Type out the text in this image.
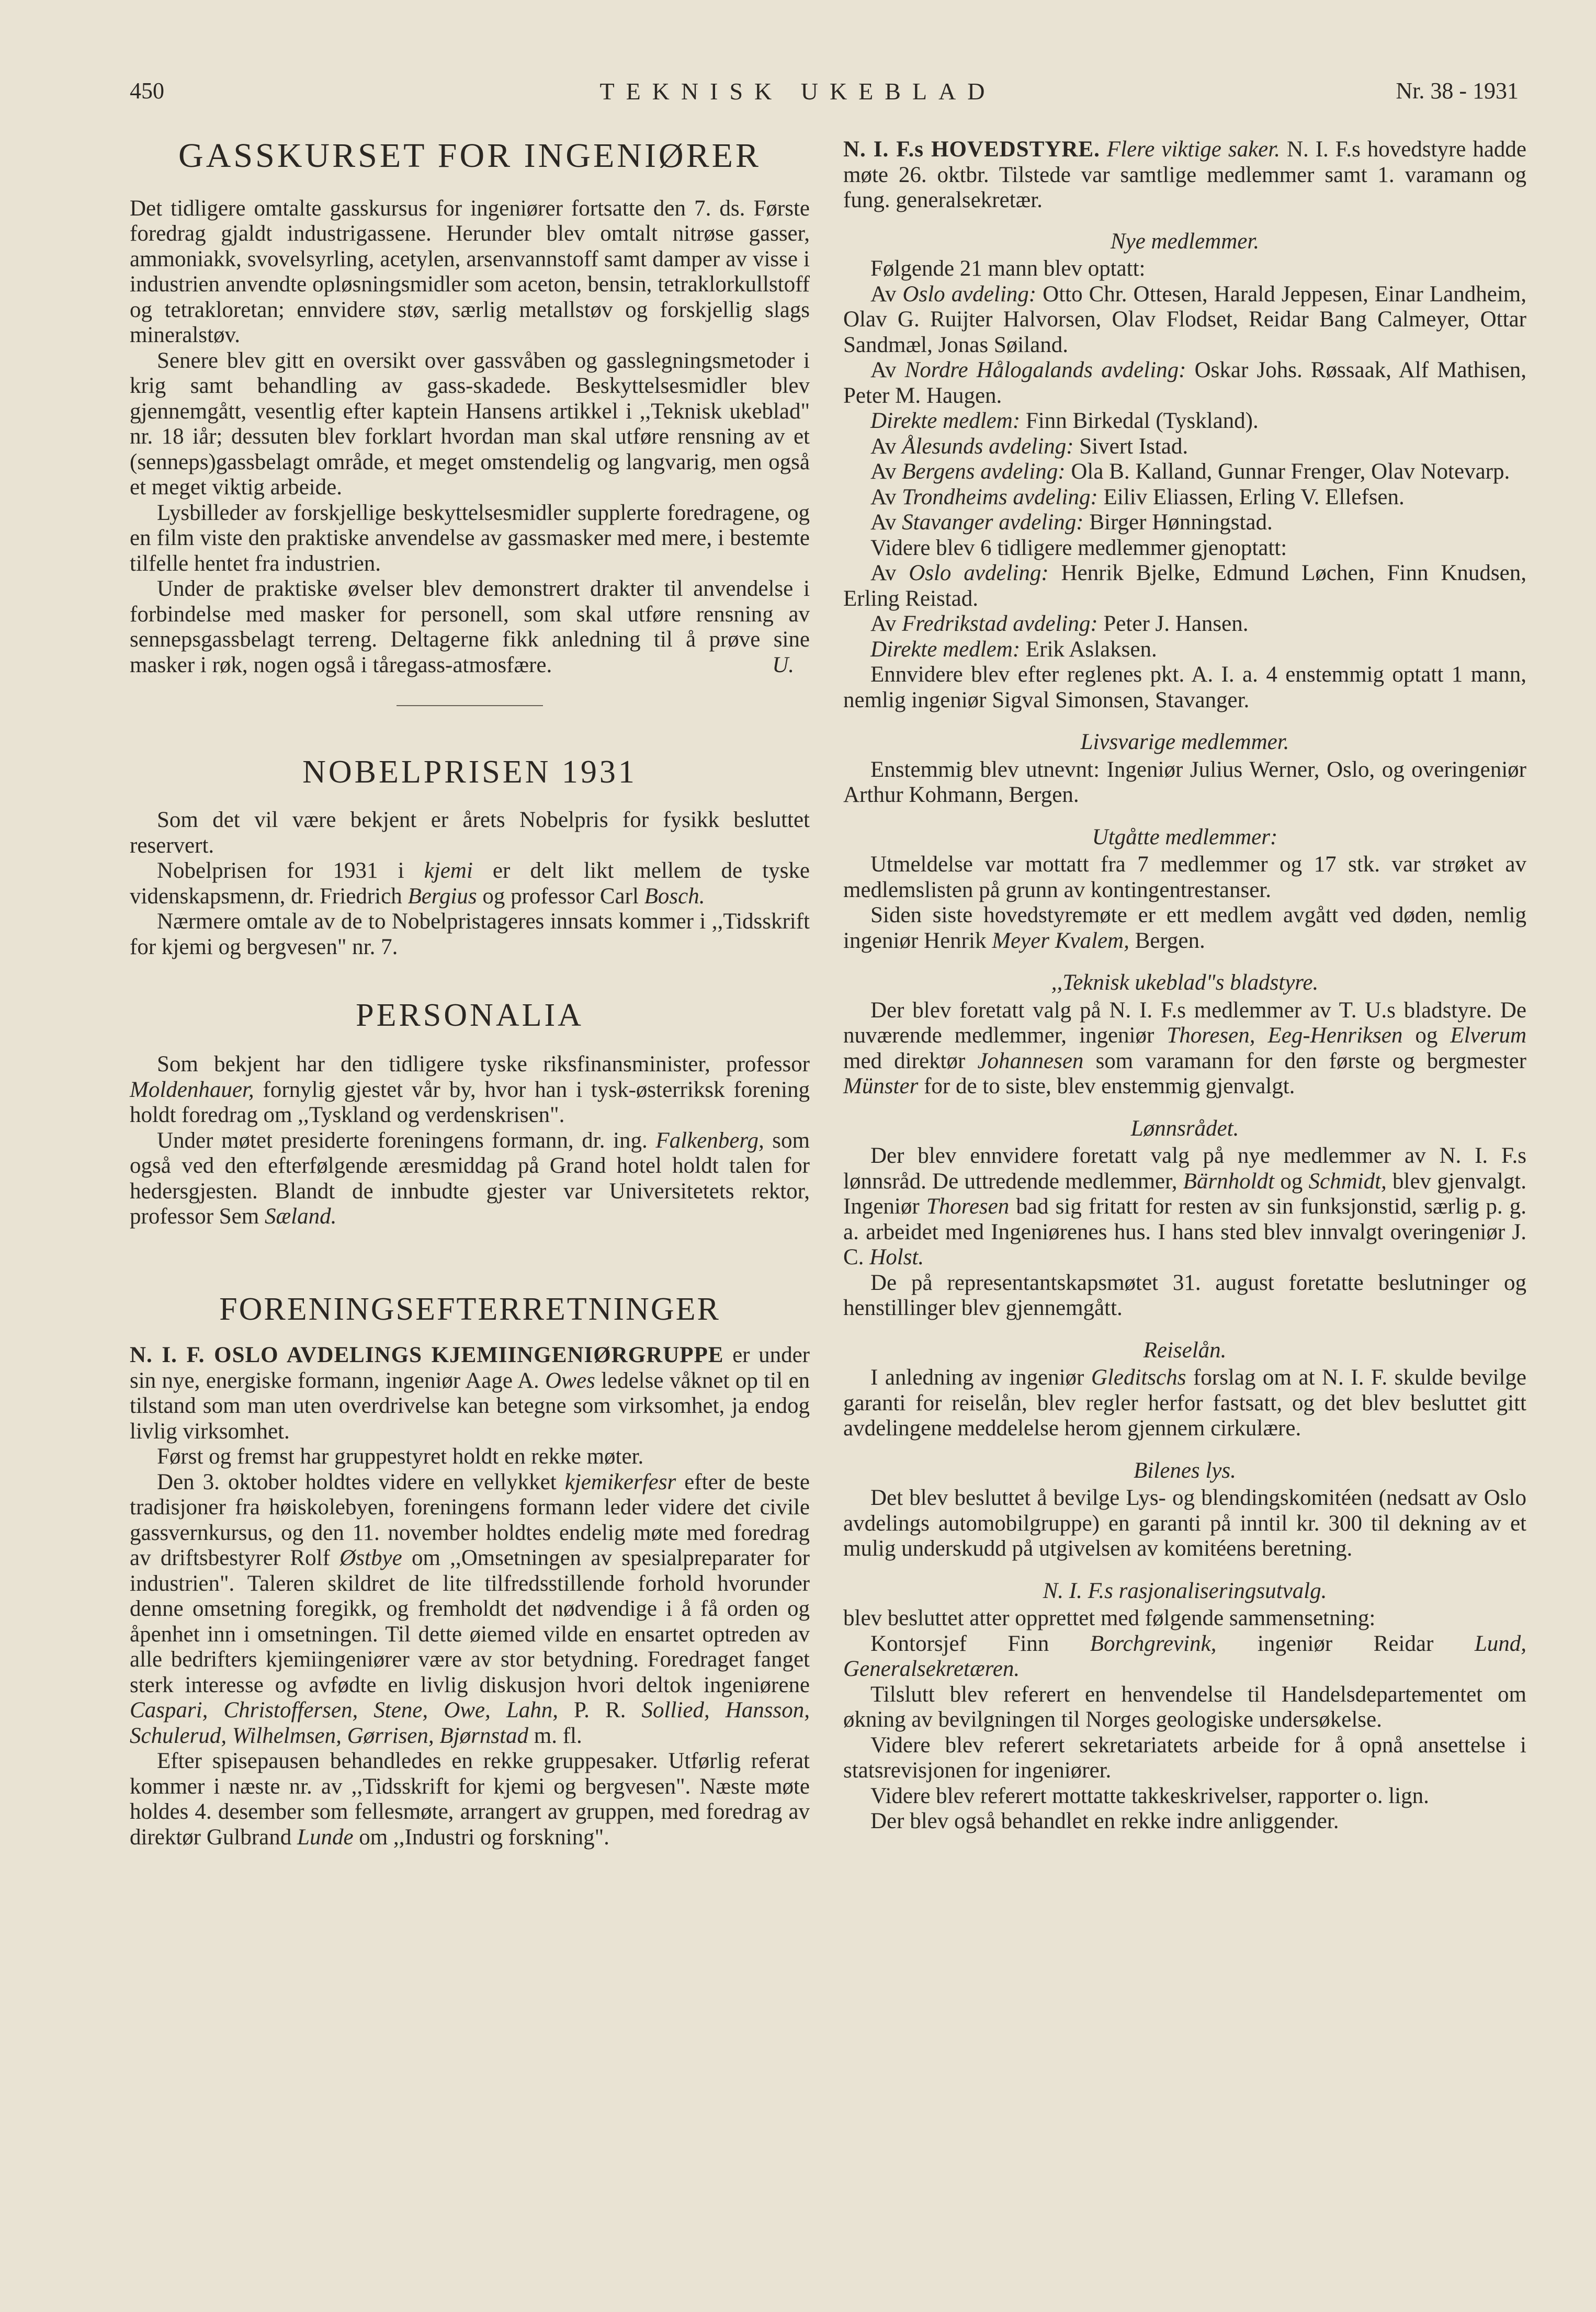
450	TEKNISK UKEBLAD	Nr. 38 - 1931
GASSKURSET FOR INGENIØRER

Det tidligere omtalte gasskursus for ingeniører fortsatte den 7. ds. Første foredrag gjaldt industrigassene. Herunder blev omtalt nitrøse gasser, ammoniakk, svovelsyrling, acetylen, arsenvannstoff samt damper av visse i industrien anvendte opløsningsmidler som aceton, bensin, tetraklorkullstoff og tetrakloretan; ennvidere støv, særlig metallstøv og forskjellig slags mineralstøv.

Senere blev gitt en oversikt over gassvåben og gasslegningsmetoder i krig samt behandling av gass-skadede. Beskyttelsesmidler blev gjennemgått, vesentlig efter kaptein Hansens artikkel i ,,Teknisk ukeblad" nr. 18 iår; dessuten blev forklart hvordan man skal utføre rensning av et (senneps)gassbelagt område, et meget omstendelig og langvarig, men også et meget viktig arbeide.

Lysbilleder av forskjellige beskyttelsesmidler supplerte foredragene, og en film viste den praktiske anvendelse av gassmasker med mere, i bestemte tilfelle hentet fra industrien.

Under de praktiske øvelser blev demonstrert drakter til anvendelse i forbindelse med masker for personell, som skal utføre rensning av sennepsgassbelagt terreng. Deltagerne fikk anledning til å prøve sine masker i røk, nogen også i tåregass-atmosfære.	U.

NOBELPRISEN 1931

Som det vil være bekjent er årets Nobelpris for fysikk besluttet reservert.

Nobelprisen for 1931 i kjemi er delt likt mellem de tyske videnskapsmenn, dr. Friedrich Bergius og professor Carl Bosch.

Nærmere omtale av de to Nobelpristageres innsats kommer i ,,Tidsskrift for kjemi og bergvesen" nr. 7.

PERSONALIA

Som bekjent har den tidligere tyske riksfinansminister, professor Moldenhauer, fornylig gjestet vår by, hvor han i tysk-østerriksk forening holdt foredrag om ,,Tyskland og verdenskrisen".

Under møtet presiderte foreningens formann, dr. ing. Falkenberg, som også ved den efterfølgende æresmiddag på Grand hotel holdt talen for hedersgjesten. Blandt de innbudte gjester var Universitetets rektor, professor Sem Sæland.

FORENINGSEFTERRETNINGER

N. I. F. OSLO AVDELINGS KJEMIINGENIØRGRUPPE er under sin nye, energiske formann, ingeniør Aage A. Owes ledelse våknet op til en tilstand som man uten overdrivelse kan betegne som virksomhet, ja endog livlig virksomhet.

Først og fremst har gruppestyret holdt en rekke møter.

Den 3. oktober holdtes videre en vellykket kjemikerfesr efter de beste tradisjoner fra høiskolebyen, foreningens formann leder videre det civile gassvernkursus, og den 11. november holdtes endelig møte med foredrag av driftsbestyrer Rolf Østbye om ,,Omsetningen av spesialpreparater for industrien". Taleren skildret de lite tilfredsstillende forhold hvorunder denne omsetning foregikk, og fremholdt det nødvendige i å få orden og åpenhet inn i omsetningen. Til dette øiemed vilde en ensartet optreden av alle bedrifters kjemiingeniører være av stor betydning. Foredraget fanget sterk interesse og avfødte en livlig diskusjon hvori deltok ingeniørene Caspari, Christoffersen, Stene, Owe, Lahn, P. R. Sollied, Hansson, Schulerud, Wilhelmsen, Gørrisen, Bjørnstad m. fl.

Efter spisepausen behandledes en rekke gruppesaker. Utførlig referat kommer i næste nr. av ,,Tidsskrift for kjemi og bergvesen". Næste møte holdes 4. desember som fellesmøte, arrangert av gruppen, med foredrag av direktør Gulbrand Lunde om ,,Industri og forskning".

N. I. F.s HOVEDSTYRE. Flere viktige saker. N. I. F.s hovedstyre hadde møte 26. oktbr. Tilstede var samtlige medlemmer samt 1. varamann og fung. generalsekretær.

Nye medlemmer.

Følgende 21 mann blev optatt:

Av Oslo avdeling: Otto Chr. Ottesen, Harald Jeppesen, Einar Landheim, Olav G. Ruijter Halvorsen, Olav Flodset, Reidar Bang Calmeyer, Ottar Sandmæl, Jonas Søiland.

Av Nordre Hålogalands avdeling: Oskar Johs. Røssaak, Alf Mathisen, Peter M. Haugen.

Direkte medlem: Finn Birkedal (Tyskland).

Av Ålesunds avdeling: Sivert Istad.

Av Bergens avdeling: Ola B. Kalland, Gunnar Frenger, Olav Notevarp.

Av Trondheims avdeling: Eiliv Eliassen, Erling V. Ellefsen.

Av Stavanger avdeling: Birger Hønningstad.

Videre blev 6 tidligere medlemmer gjenoptatt:

Av Oslo avdeling: Henrik Bjelke, Edmund Løchen, Finn Knudsen, Erling Reistad.

Av Fredrikstad avdeling: Peter J. Hansen.

Direkte medlem: Erik Aslaksen.

Ennvidere blev efter reglenes pkt. A. I. a. 4 enstemmig optatt 1 mann, nemlig ingeniør Sigval Simonsen, Stavanger.

Livsvarige medlemmer.

Enstemmig blev utnevnt: Ingeniør Julius Werner, Oslo, og overingeniør Arthur Kohmann, Bergen.

Utgåtte medlemmer:

Utmeldelse var mottatt fra 7 medlemmer og 17 stk. var strøket av medlemslisten på grunn av kontingentrestanser.

Siden siste hovedstyremøte er ett medlem avgått ved døden, nemlig ingeniør Henrik Meyer Kvalem, Bergen.

,,Teknisk ukeblad"s bladstyre.

Der blev foretatt valg på N. I. F.s medlemmer av T. U.s bladstyre. De nuværende medlemmer, ingeniør Thoresen, Eeg-Henriksen og Elverum med direktør Johannesen som varamann for den første og bergmester Münster for de to siste, blev enstemmig gjenvalgt.

Lønnsrådet.

Der blev ennvidere foretatt valg på nye medlemmer av N. I. F.s lønnsråd. De uttredende medlemmer, Bärnholdt og Schmidt, blev gjenvalgt. Ingeniør Thoresen bad sig fritatt for resten av sin funksjonstid, særlig p. g. a. arbeidet med Ingeniørenes hus. I hans sted blev innvalgt overingeniør J. C. Holst.

De på representantskapsmøtet 31. august foretatte beslutninger og henstillinger blev gjennemgått.

Reiselån.

I anledning av ingeniør Gleditschs forslag om at N. I. F. skulde bevilge garanti for reiselån, blev regler herfor fastsatt, og det blev besluttet gitt avdelingene meddelelse herom gjennem cirkulære.

Bilenes lys.

Det blev besluttet å bevilge Lys- og blendingskomitéen (nedsatt av Oslo avdelings automobilgruppe) en garanti på inntil kr. 300 til dekning av et mulig underskudd på utgivelsen av komitéens beretning.

N. I. F.s rasjonaliseringsutvalg.

blev besluttet atter opprettet med følgende sammensetning:

Kontorsjef Finn Borchgrevink, ingeniør Reidar Lund, Generalsekretæren.

Tilslutt blev referert en henvendelse til Handelsdepartementet om økning av bevilgningen til Norges geologiske undersøkelse.

Videre blev referert sekretariatets arbeide for å opnå ansettelse i statsrevisjonen for ingeniører.

Videre blev referert mottatte takkeskrivelser, rapporter o. lign.

Der blev også behandlet en rekke indre anliggender.
